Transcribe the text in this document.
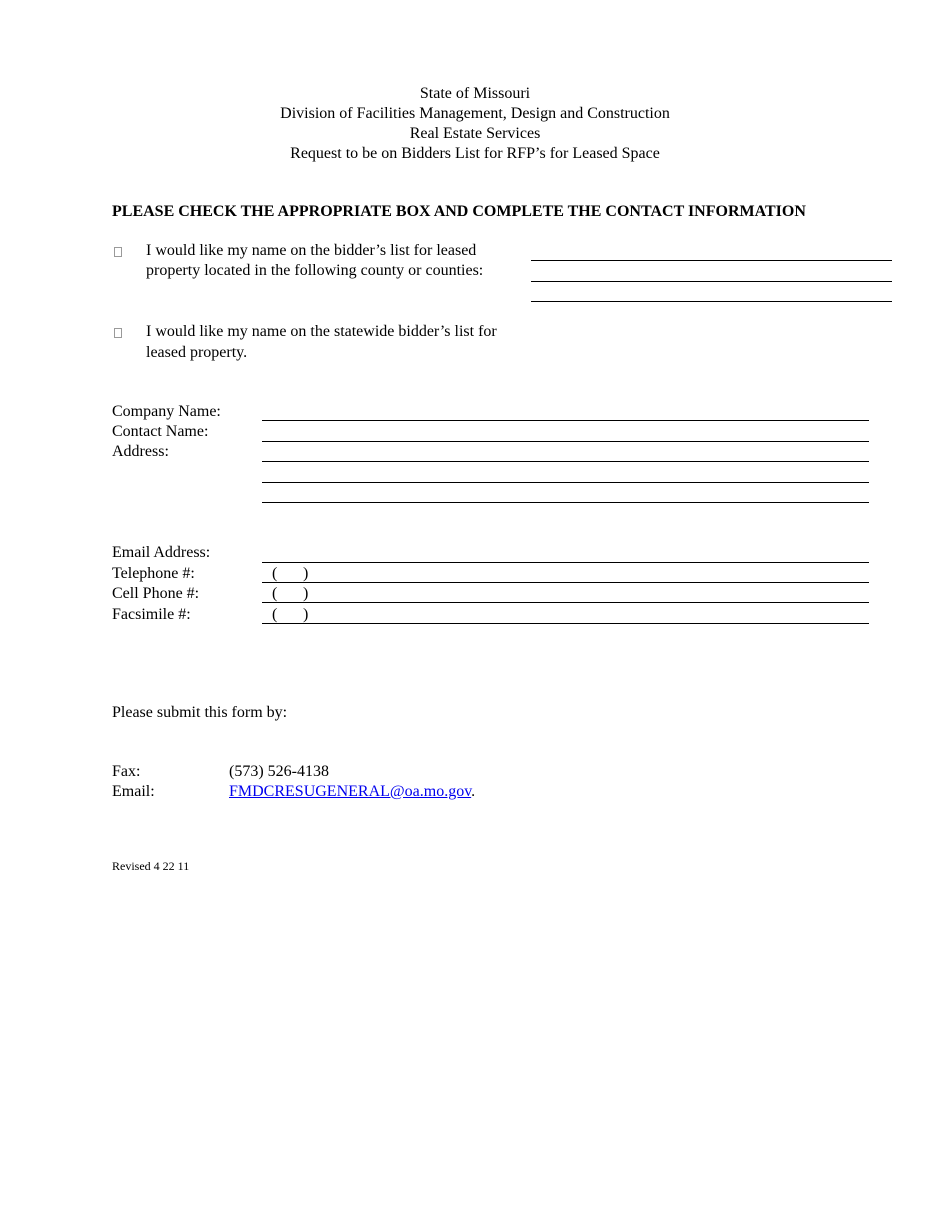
State of Missouri
Division of Facilities Management, Design and Construction
Real Estate Services
Request to be on Bidders List for RFP’s for Leased Space
PLEASE CHECK THE APPROPRIATE BOX AND COMPLETE THE CONTACT INFORMATION
I would like my name on the bidder’s list for leased
property located in the following county or counties:
I would like my name on the statewide bidder’s list for
leased property.
Company Name:
Contact Name:
Address:
Email Address:
Telephone #:	( )
Cell Phone #:	( )
Facsimile #:	( )
Please submit this form by:
Fax:	(573) 526-4138
Email:	FMDCRESUGENERAL@oa.mo.gov.
Revised 4 22 11
